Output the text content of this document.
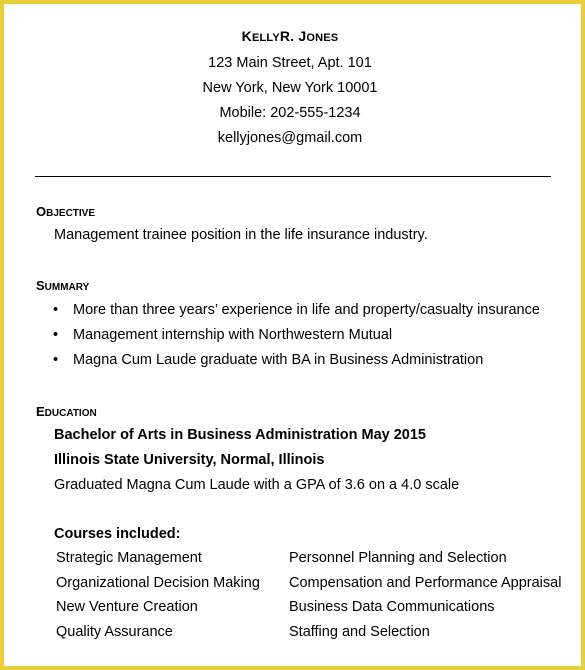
KELLYR. JONES
123 Main Street, Apt. 101
New York, New York 10001
Mobile: 202-555-1234
kellyjones@gmail.com
OBJECTIVE
Management trainee position in the life insurance industry.
SUMMARY
• More than three years’ experience in life and property/casualty insurance
• Management internship with Northwestern Mutual
• Magna Cum Laude graduate with BA in Business Administration
EDUCATION
Bachelor of Arts in Business Administration May 2015
Illinois State University, Normal, Illinois
Graduated Magna Cum Laude with a GPA of 3.6 on a 4.0 scale
Courses included:
Strategic Management
Organizational Decision Making
New Venture Creation
Quality Assurance
Personnel Planning and Selection
Compensation and Performance Appraisal
Business Data Communications
Staffing and Selection
